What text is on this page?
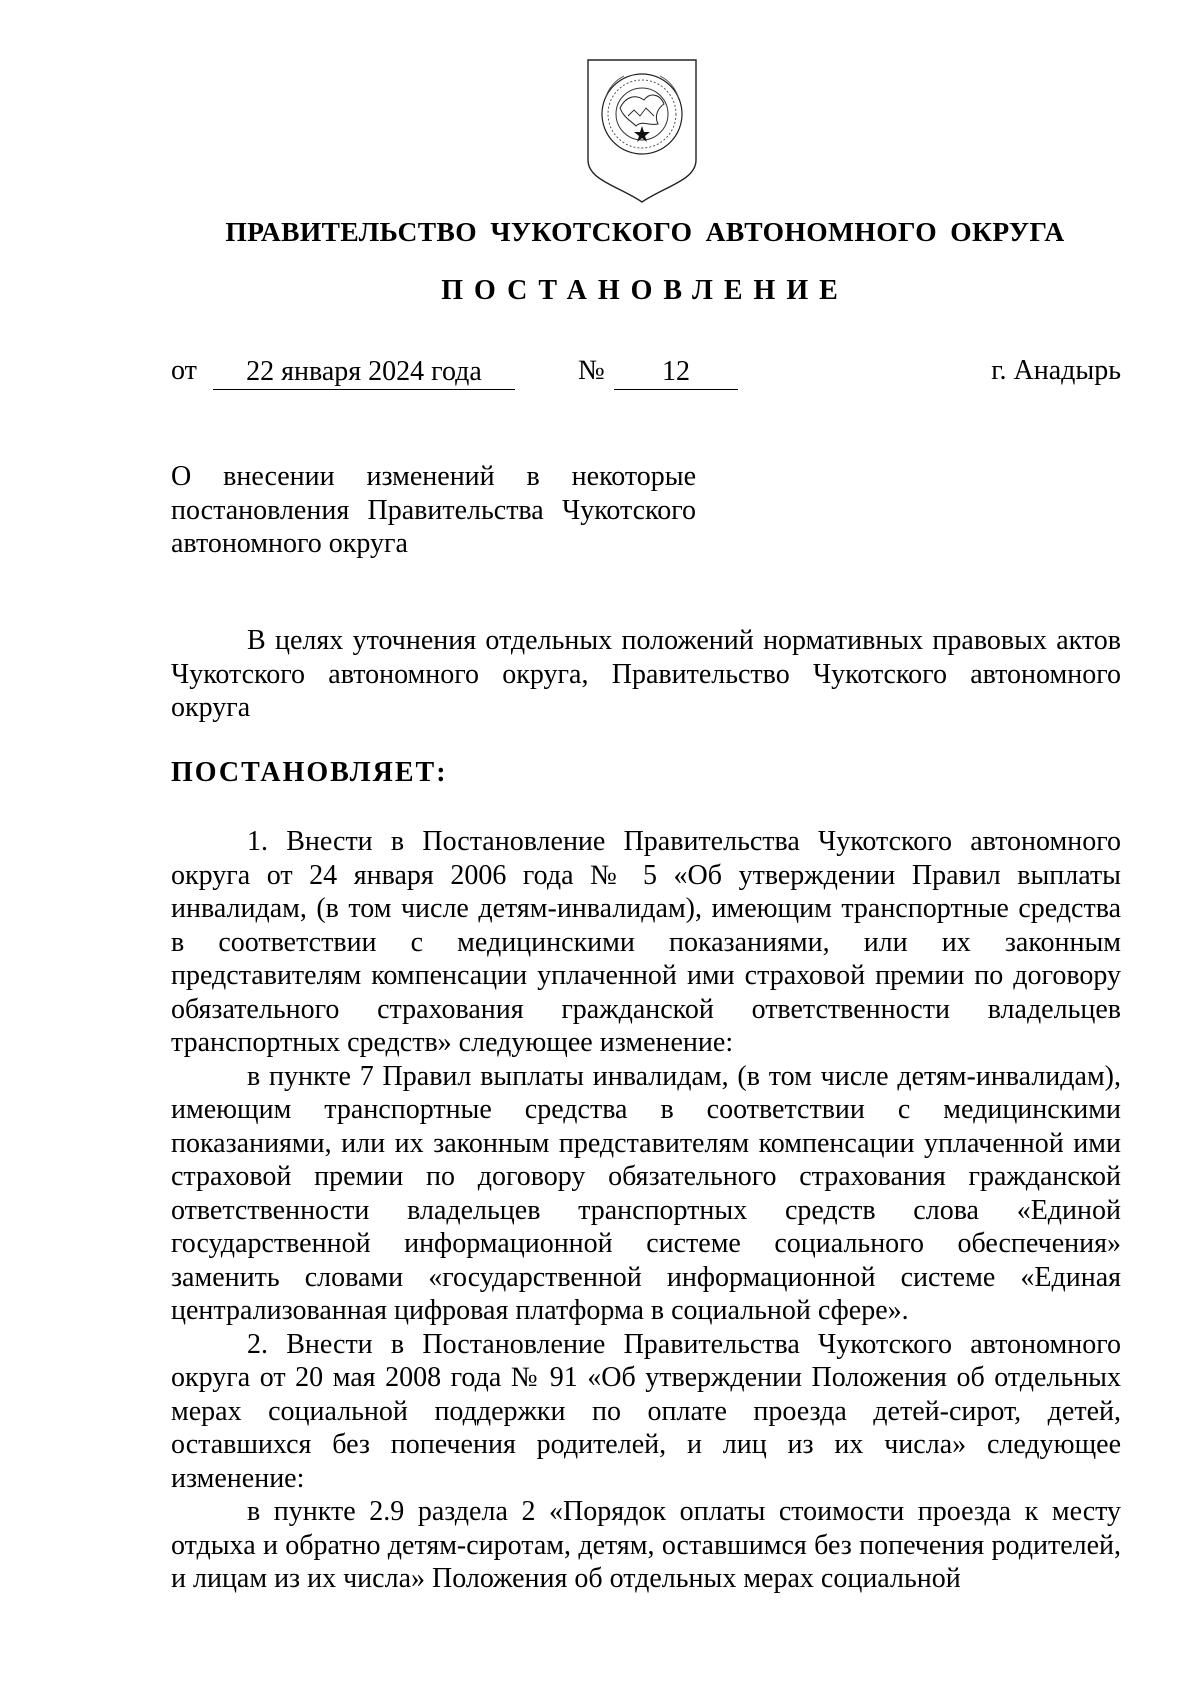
ПРАВИТЕЛЬСТВО ЧУКОТСКОГО АВТОНОМНОГО ОКРУГА
ПОСТАНОВЛЕНИЕ
от	22 января 2024 года	№	12	г. Анадырь
О внесении изменений в некоторые постановления Правительства Чукотского автономного округа

В целях уточнения отдельных положений нормативных правовых актов Чукотского автономного округа, Правительство Чукотского автономного округа

ПОСТАНОВЛЯЕТ:

1. Внести в Постановление Правительства Чукотского автономного округа от 24 января 2006 года № 5 «Об утверждении Правил выплаты инвалидам, (в том числе детям-инвалидам), имеющим транспортные средства в соответствии с медицинскими показаниями, или их законным представителям компенсации уплаченной ими страховой премии по договору обязательного страхования гражданской ответственности владельцев транспортных средств» следующее изменение:

в пункте 7 Правил выплаты инвалидам, (в том числе детям-инвалидам), имеющим транспортные средства в соответствии с медицинскими показаниями, или их законным представителям компенсации уплаченной ими страховой премии по договору обязательного страхования гражданской ответственности владельцев транспортных средств слова «Единой государственной информационной системе социального обеспечения» заменить словами «государственной информационной системе «Единая централизованная цифровая платформа в социальной сфере».

2. Внести в Постановление Правительства Чукотского автономного округа от 20 мая 2008 года № 91 «Об утверждении Положения об отдельных мерах социальной поддержки по оплате проезда детей-сирот, детей, оставшихся без попечения родителей, и лиц из их числа» следующее изменение:

в пункте 2.9 раздела 2 «Порядок оплаты стоимости проезда к месту отдыха и обратно детям-сиротам, детям, оставшимся без попечения родителей, и лицам из их числа» Положения об отдельных мерах социальной
